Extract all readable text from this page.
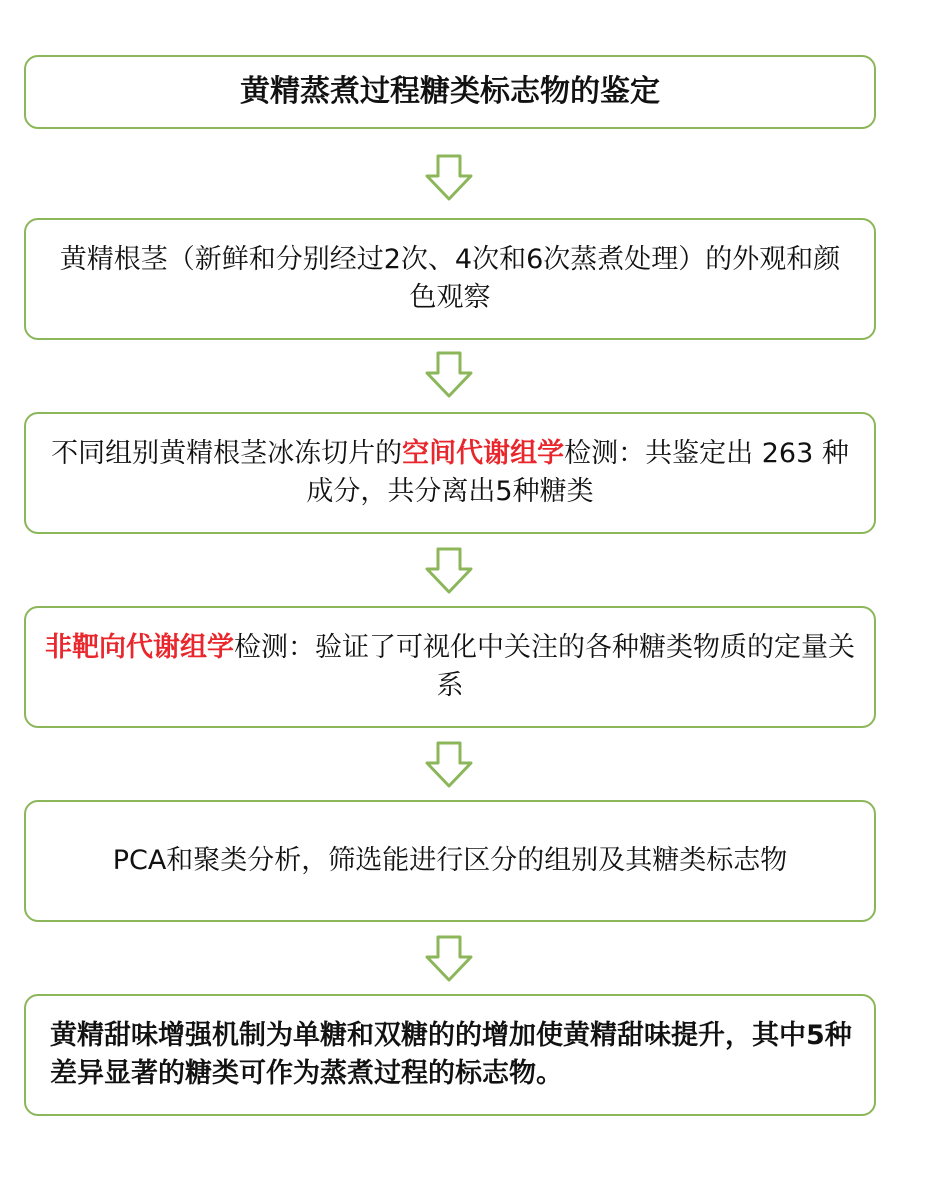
黄精蒸煮过程糖类标志物的鉴定
黄精根茎（新鲜和分别经过2次、4次和6次蒸煮处理）的外观和颜色观察
不同组别黄精根茎冰冻切片的空间代谢组学检测：共鉴定出 263 种成分，共分离出5种糖类
非靶向代谢组学检测：验证了可视化中关注的各种糖类物质的定量关系
PCA和聚类分析，筛选能进行区分的组别及其糖类标志物
黄精甜味增强机制为单糖和双糖的的增加使黄精甜味提升，其中5种差异显著的糖类可作为蒸煮过程的标志物。
